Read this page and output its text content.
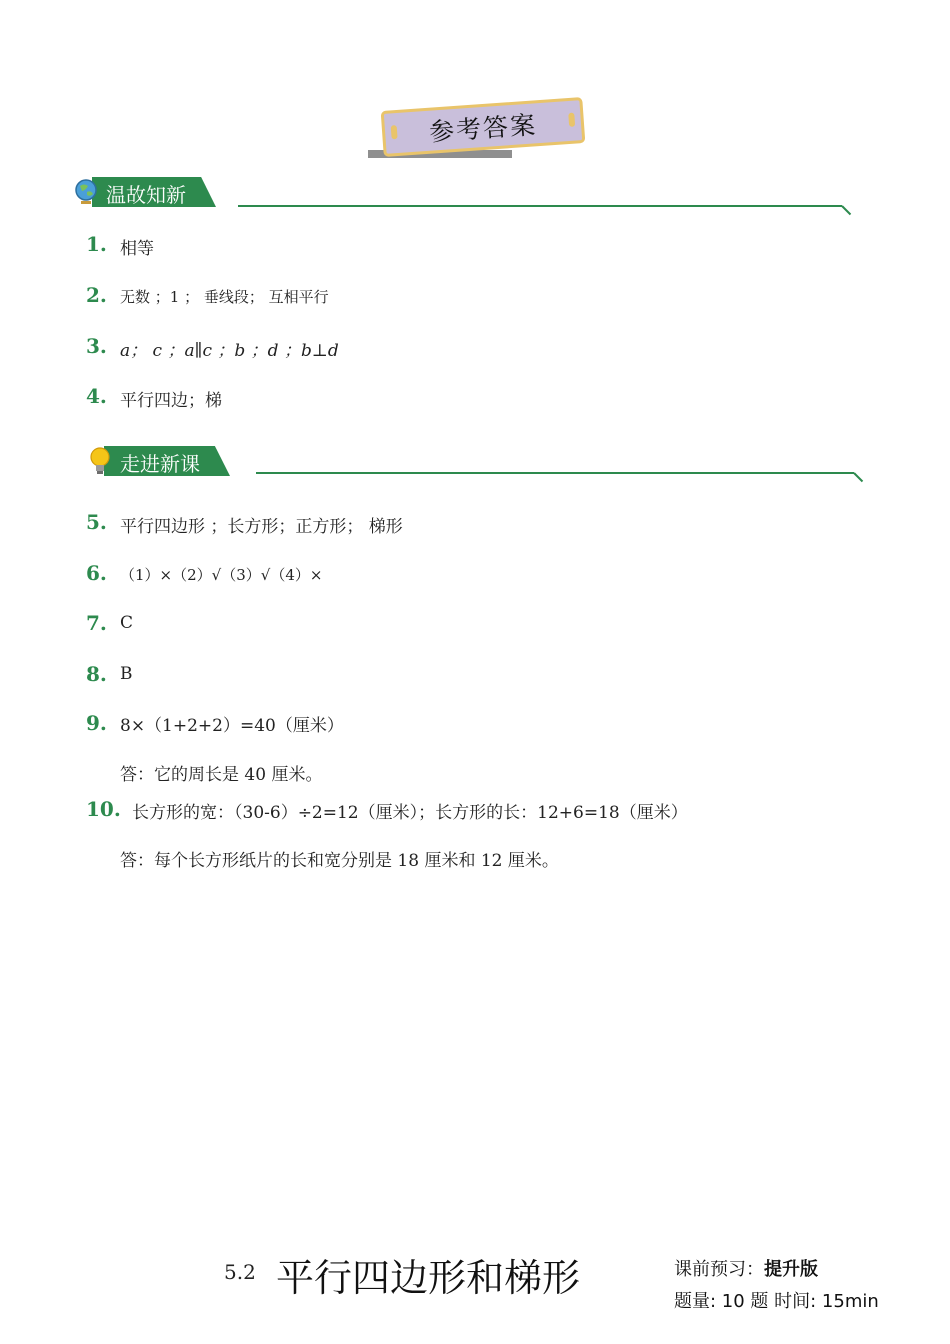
参考答案
温故知新
1. 相等
2. 无数 ；1 ； 垂线段； 互相平行
3. a； c ；a∥c ；b ；d ；b⊥d
4. 平行四边；梯
走进新课
5. 平行四边形 ；长方形；正方形； 梯形
6. （1）×（2）√（3）√（4）×
7. C
8. B
9. 8×（1+2+2）=40（厘米）
答：它的周长是 40 厘米。
10. 长方形的宽：（30-6）÷2=12（厘米）；长方形的长：12+6=18（厘米）
答：每个长方形纸片的长和宽分别是 18 厘米和 12 厘米。
5.2 平行四边形和梯形	课前预习：提升版
题量: 10 题 时间: 15min
